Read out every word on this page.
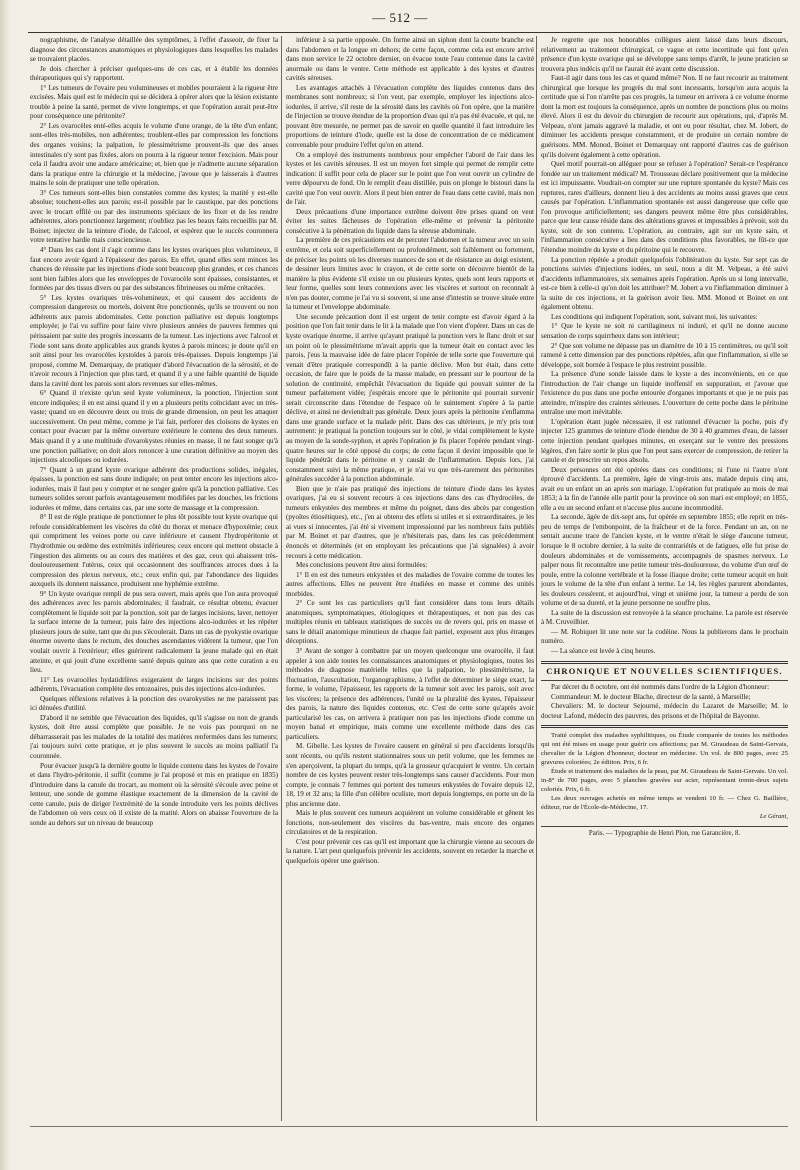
— 512 —

nographisme, de l'analyse détaillée des symptômes, à l'effet d'asseoir, de fixer la diagnose des circonstances anatomiques et physiologiques dans lesquelles les malades se trouvaient placées.

Je dois chercher à préciser quelques-uns de ces cas, et à établir les données thérapeutiques qui s'y rapportent.

1° Les tumeurs de l'ovaire peu volumineuses et mobiles pourraient à la rigueur être excisées. Mais quel est le médecin qui se décidera à opérer alors que la lésion existante trouble à peine la santé, permet de vivre longtemps, et que l'opération aurait peut-être pour conséquence une péritonite?

2° Les ovarocèles enté-elles acquis le volume d'une orange, de la tête d'un enfant; sont-elles très-mobiles, non adhérentes; troublent-elles par compression les fonctions des organes voisins; la palpation, le plessimétrisme prouvent-ils que des anses intestinales n'y sont pas fixées, alors on pourra à la rigueur tenter l'excision. Mais pour cela il faudra avoir une audace américaine; et, bien que je n'admette aucune séparation dans la pratique entre la chirurgie et la médecine, j'avoue que je laisserais à d'autres mains le soin de pratiquer une telle opération.

3° Ces tumeurs sont-elles bien constatées comme des kystes; la matité y est-elle absolue; touchent-elles aux parois; est-il possible par le caustique, par des ponctions avec le trocart effilé ou par des instruments spéciaux de les fixer et de les rendre adhérentes, alors ponctionnez largement; n'oubliez pas les beaux faits recueillis par M. Boinet; injectez de la teinture d'iode, de l'alcool, et espérez que le succès couronnera votre tentative hardie mais consciencieuse.

4° Dans les cas dont il s'agit comme dans les kystes ovariques plus volumineux, il faut encore avoir égard à l'épaisseur des parois. En effet, quand elles sont minces les chances de réussite par les injections d'iode sont beaucoup plus grandes, et ces chances sont bien faibles alors que les enveloppes de l'ovarocèle sont épaisses, consistantes, et formées par des tissus divers ou par des substances fibrineuses ou même crétacées.

5° Les kystes ovariques très-volumineux, et qui causent des accidents de compression dangereux ou mortels, doivent être ponctionnés, qu'ils se trouvent ou non adhérents aux parois abdominales. Cette ponction palliative est depuis longtemps employée; je l'ai vu suffire pour faire vivre plusieurs années de pauvres femmes qui périssaient par suite des progrès incessants de la tumeur. Les injections avec l'alcool et l'iode sont sans doute applicables aux grands kystes à parois minces; je doute qu'il en soit ainsi pour les ovarocèles kystoïdes à parois très-épaisses. Depuis longtemps j'ai proposé, comme M. Demarquay, de pratiquer d'abord l'évacuation de la sérosité, et de n'avoir recours à l'injection que plus tard, et quand il y a une faible quantité de liquide dans la cavité dont les parois sont alors revenues sur elles-mêmes.

6° Quand il n'existe qu'un seul kyste volumineux, la ponction, l'injection sont encore indiquées; il en est ainsi quand il y en a plusieurs petits coïncidant avec un très-vaste; quand on en découvre deux ou trois de grande dimension, on peut les attaquer successivement. On peut même, comme je l'ai fait, perforer des cloisons de kystes en contact pour évacuer par la même ouverture extérieure le contenu des deux tumeurs. Mais quand il y a une multitude d'ovarokystes réunies en masse, il ne faut songer qu'à une ponction palliative; on doit alors renoncer à une curation définitive au moyen des injections alcooliques ou iodurées.

7° Quant à un grand kyste ovarique adhérent des productions solides, inégales, épaisses, la ponction est sans doute indiquée; on peut tenter encore les injections alco-iodurées, mais il faut peu y compter et ne songer guère qu'à la ponction palliative. Ces tumeurs solides seront parfois avantageusement modifiées par les douches, les frictions iodurées et même, dans certains cas, par une sorte de massage et la compression.

8° Il est de règle pratique de ponctionner le plus tôt possible tout kyste ovarique qui refoule considérablement les viscères du côté du thorax et menace d'hypoxémie; ceux qui compriment les veines porte ou cave inférieure et causent l'hydropéritonie et l'hydrothmie ou œdème des extrémités inférieures; ceux encore qui mettent obstacle à l'ingestion des aliments ou au cours des matières et des gaz, ceux qui abaissent très-douloureusement l'utérus, ceux qui occasionnent des souffrances atroces dues à la compression des plexus nerveux, etc.; ceux enfin qui, par l'abondance des liquides auxquels ils donnent naissance, produisent une hyphémie extrême.

9° Un kyste ovarique rempli de pus sera ouvert, mais après que l'on aura provoqué des adhérences avec les parois abdominales; il faudrait, ce résultat obtenu, évacuer complètement le liquide soit par la ponction, soit par de larges incisions, laver, nettoyer la surface interne de la tumeur, puis faire des injections alco-iodurées et les répéter plusieurs jours de suite, tant que du pus s'écoulerait. Dans un cas de pyokystie ovarique énorme ouverte dans le rectum, des douches ascendantes vidèrent la tumeur, que l'on voulait ouvrir à l'extérieur; elles guérirent radicalement la jeune malade qui en était atteinte, et qui jouit d'une excellente santé depuis quinze ans que cette curation a eu lieu.

11° Les ovarocèles hydatidifères exigeraient de larges incisions sur des points adhérents, l'évacuation complète des entozoaires, puis des injections alco-iodurées.

Quelques réflexions relatives à la ponction des ovarokysties ne me paraissent pas ici dénuées d'utilité.

D'abord il ne semble que l'évacuation des liquides, qu'il s'agisse ou non de grands kystes, doit être aussi complète que possible. Je ne vois pas pourquoi on ne débarrasserait pas les malades de la totalité des matières renfermées dans les tumeurs; j'ai toujours suivi cette pratique, et je plus souvent le succès au moins palliatif l'a couronnée.

Pour évacuer jusqu'à la dernière goutte le liquide contenu dans les kystes de l'ovaire et dans l'hydro-péritonie, il suffit (comme je l'ai proposé et mis en pratique en 1835) d'introduire dans la canule du trocart, au moment où la sérosité s'écoule avec peine et lenteur, une sonde de gomme élastique exactement de la dimension de la cavité de cette canule, puis de diriger l'extrémité de la sonde introduite vers les points déclives de l'abdomen où vers ceux où il existe de la matité. Alors on abaisse l'ouverture de la sonde au dehors sur un niveau de beaucoup

inférieur à sa partie opposée. On forme ainsi un siphon dont la courte branche est dans l'abdomen et la longue en dehors; de cette façon, comme cela est encore arrivé dans mon service le 22 octobre dernier, on évacue toute l'eau contenue dans la cavité anormale ou dans le ventre. Cette méthode est applicable à des kystes et d'autres cavités séreuses.

Les avantages attachés à l'évacuation complète des liquides contenus dans des membranes sont nombreux; si l'on veut, par exemple, employer les injections alco-iodurées, il arrive, s'il reste de la sérosité dans les cavités où l'on opère, que la matière de l'injection se trouve étendue de la proportion d'eau qui n'a pas été évacuée, et qui, ne pouvant être mesurée, ne permet pas de savoir en quelle quantité il faut introduire les proportions de teinture d'iode, quelle est la dose de concentration de ce médicament convenable pour produire l'effet qu'on en attend.

On a employé des instruments nombreux pour empêcher l'abord de l'air dans les kystes et les cavités séreuses. Il est un moyen fort simple qui permet de remplir cette indication: il suffit pour cela de placer sur le point que l'on veut ouvrir un cylindre de verre dépourvu de fond. On le remplit d'eau distillée, puis on plonge le bistouri dans la cavité que l'on veut ouvrir. Alors il peut bien entrer de l'eau dans cette cavité, mais non de l'air.

Deux précautions d'une importance extrême doivent être prises quand on veut éviter les suites fâcheuses de l'opération elle-même et prévenir la péritonite consécutive à la pénétration du liquide dans la séreuse abdominale.

La première de ces précautions est de percuter l'abdomen et la tumeur avec un soin extrême, et cela soit superficiellement ou profondément, soit faiblement ou fortement, de préciser les points où les diverses nuances de son et de résistance au doigt existent, de dessiner leurs limites avec le crayon, et de cette sorte on découvre bientôt de la manière la plus évidente s'il existe un ou plusieurs kystes, quels sont leurs rapports et leur forme, quelles sont leurs connexions avec les viscères et surtout on reconnaît à n'en pas douter, comme je l'ai vu si souvent, si une anse d'intestin se trouve située entre la tumeur et l'enveloppe abdominale.

Une seconde précaution dont il est urgent de tenir compte est d'avoir égard à la position que l'on fait tenir dans le lit à la malade que l'on vient d'opérer. Dans un cas de kyste ovarique énorme, il arrive qu'ayant pratiqué la ponction vers le flanc droit et sur un point où le plessimétrisme m'avait appris que la tumeur était en contact avec les parois, j'eus la mauvaise idée de faire placer l'opérée de telle sorte que l'ouverture qui venait d'être pratiquée correspondît à la partie déclive. Mon but était, dans cette occasion, de faire que le poids de la masse malade, en pressant sur le pourtour de la solution de continuité, empêchât l'évacuation du liquide qui pouvait suinter de la tumeur parfaitement vidée; j'espérais encore que le péritonite qui pourrait survenir serait circonscrite dans l'étendue de l'espace où le suintement s'opère à la partie déclive, et ainsi ne deviendrait pas générale. Deux jours après la péritonite s'enflamma dans une grande surface et la malade périt. Dans des cas ultérieurs, je m'y pris tout autrement: je pratiquai la ponction toujours sur le côté, je vidai complètement le kyste au moyen de la sonde-syphon, et après l'opération je fis placer l'opérée pendant vingt-quatre heures sur le côté opposé du corps; de cette façon il devint impossible que le liquide pénétrât dans le péritoine et y causât de l'inflammation. Depuis lors, j'ai constamment suivi la même pratique, et je n'ai vu que très-rarement des péritonites générales succéder à la ponction abdominale.

Bien que je n'aie pas pratiqué des injections de teinture d'iode dans les kystes ovariques, j'ai eu si souvent recours à ces injections dans des cas d'hydrocèles, de tumeurs enkystées des membres et même du poignet, dans des abcès par congestion (pyoïtes étiosétiques), etc., j'en ai obtenu des effets si utiles et si extraordinaires, je les ai vues si innocentes, j'ai été si vivement impressionné par les nombreux faits publiés par M. Boinet et par d'autres, que je n'hésiterais pas, dans les cas précédemment énoncés et déterminés (et en employant les précautions que j'ai signalées) à avoir recours à cette médication.

Mes conclusions peuvent être ainsi formulées:

1° Il en est des tumeurs enkystées et des maladies de l'ovaire comme de toutes les autres affections. Elles ne peuvent être étudiées en masse et comme des unités morbides.

2° Ce sont les cas particuliers qu'il faut considérer dans tous leurs détails anatomiques, symptomatiques, étiologiques et thérapeutiques, et non pas des cas multiples réunis en tableaux statistiques de succès ou de revers qui, pris en masse et sans le détail anatomique minutieux de chaque fait partiel, exposent aux plus étranges déceptions.

3° Avant de songer à combattre par un moyen quelconque une ovarocèle, il faut appeler à son aide toutes les connaissances anatomiques et physiologiques, toutes les méthodes de diagnose matérielle telles que la palpation, le plessimétrisme, la fluctuation, l'auscultation, l'organographisme, à l'effet de déterminer le siège exact, la forme, le volume, l'épaisseur, les rapports de la tumeur soit avec les parois, soit avec les viscères; la présence des adhérences, l'unité ou la pluralité des kystes, l'épaisseur des parois, la nature des liquides contenus, etc. C'est de cette sorte qu'après avoir particularisé les cas, on arrivera à pratiquer non pas les injections d'iode comme un moyen banal et empirique, mais comme une excellente méthode dans des cas particuliers.

M. Gibelle. Les kystes de l'ovaire causent en général si peu d'accidents lorsqu'ils sont récents, ou qu'ils restent stationnaires sous un petit volume, que les femmes ne s'en aperçoivent, la plupart du temps, qu'à la grosseur qu'acquiert le ventre. Un certain nombre de ces kystes peuvent rester très-longtemps sans causer d'accidents. Pour mon compte, je connais 7 femmes qui portent des tumeurs enkystées de l'ovaire depuis 12, 18, 19 et 32 ans; la fille d'un célèbre oculiste, mort depuis longtemps, en porte un de la plus ancienne date.

Mais le plus souvent ces tumeurs acquièrent un volume considérable et gênent les fonctions, non-seulement des viscères du bas-ventre, mais encore des organes circulatoires et de la respiration.

C'est pour prévenir ces cas qu'il est important que la chirurgie vienne au secours de la nature. L'art peut quelquefois prévenir les accidents, souvent en retarder la marche et quelquefois opérer une guérison.

Je regrette que nos honorables collègues aient laissé dans leurs discours, relativement au traitement chirurgical, ce vague et cette incertitude qui font qu'en présence d'un kyste ovarique qui se développe sans temps d'arrêt, le jeune praticien se trouvera plus indécis qu'il ne l'aurait été avant cette discussion.

Faut-il agir dans tous les cas et quand même? Non. Il ne faut recourir au traitement chirurgical que lorsque les progrès du mal sont incessants, lorsqu'on aura acquis la certitude que si l'on n'arrête pas ces progrès, la tumeur en arrivera à ce volume énorme dont la mort est toujours la conséquence, après un nombre de ponctions plus ou moins élevé. Alors il est du devoir du chirurgien de recourir aux opérations, qui, d'après M. Velpeau, n'ont jamais aggravé la maladie, et ont eu pour résultat, chez M. Jobert, de diminuer les accidents presque constamment, et de produire un certain nombre de guérisons. MM. Monod, Boinet et Demarquay ont rapporté d'autres cas de guérison qu'ils doivent également à cette opération.

Quel motif pourrait-on alléguer pour se refuser à l'opération? Serait-ce l'espérance fondée sur un traitement médical? M. Trousseau déclare positivement que la médecine est ici impuissante. Voudrait-on compter sur une rupture spontanée du kyste? Mais ces ruptures, rares d'ailleurs, donnent lieu à des accidents au moins aussi graves que ceux causés par l'opération. L'inflammation spontanée est aussi dangereuse que celle que l'on provoque artificiellement; ses dangers peuvent même être plus considérables, parce que leur cause réside dans des altérations graves et impossibles à prévoir, soit du kyste, soit de son contenu. L'opération, au contraire, agit sur un kyste sain, et l'inflammation consécutive a lieu dans des conditions plus favorables, ne fût-ce que l'étendue moindre du kyste et du péritoine qui le recouvre.

La ponction répétée a produit quelquefois l'oblitération du kyste. Sur sept cas de ponctions suivies d'injections iodées, un seul, nous a dit M. Velpeau, a été suivi d'accidents inflammatoires, six semaines après l'opération. Après un si long intervalle, est-ce bien à celle-ci qu'on doit les attribuer? M. Jobert a vu l'inflammation diminuer à la suite de ces injections, et la guérison avoir lieu. MM. Monod et Boinet en ont également obtenu.

Les conditions qui indiquent l'opération, sont, suivant moi, les suivantes:

1° Que le kyste ne soit ni cartilagineux ni induré, et qu'il ne donne aucune sensation de corps squirrheux dans son intérieur;

2° Que son volume ne dépasse pas un diamètre de 10 à 15 centimètres, ou qu'il soit ramené à cette dimension par des ponctions répétées, afin que l'inflammation, si elle se développe, soit bornée à l'espace le plus restreint possible.

La présence d'une sonde laissée dans le kyste a des inconvénients, en ce que l'introduction de l'air change un liquide inoffensif en suppuration, et j'avoue que l'existence du pus dans une poche entourée d'organes importants et que je ne puis pas atteindre, m'inspire des craintes sérieuses. L'ouverture de cette poche dans le péritoine entraîne une mort inévitable.

L'opération étant jugée nécessaire, il est rationnel d'évacuer la poche, puis d'y injecter 125 grammes de teinture d'iode étendue de 30 à 40 grammes d'eau, de laisser cette injection pendant quelques minutes, en exerçant sur le ventre des pressions légères, d'en faire sortir le plus que l'on peut sans exercer de compression, de retirer la canule et de prescrire un repos absolu.

Deux personnes ont été opérées dans ces conditions; ni l'une ni l'autre n'ont éprouvé d'accidents. La première, âgée de vingt-trois ans, malade depuis cinq ans, avait eu un enfant un an après son mariage. L'opération fut pratiquée au mois de mai 1853; à la fin de l'année elle partit pour la province où son mari est employé; en 1855, elle a eu un second enfant et n'accuse plus aucune incommodité.

La seconde, âgée de dix-sept ans, fut opérée en septembre 1855; elle reprit en très-peu de temps de l'embonpoint, de la fraîcheur et de la force. Pendant un an, on ne sentait aucune trace de l'ancien kyste, et le ventre n'était le siège d'aucune tumeur, lorsque le 8 octobre dernier, à la suite de contrariétés et de fatigues, elle fut prise de douleurs abdominales et de vomissements, accompagnés de spasmes nerveux. Le palper nous fit reconnaître une petite tumeur très-douloureuse, du volume d'un œuf de poule, entre la colonne vertébrale et la fosse iliaque droite; cette tumeur acquit en huit jours le volume de la tête d'un enfant à terme. Le 14, les règles parurent abondantes, les douleurs cessèrent, et aujourd'hui, vingt et unième jour, la tumeur a perdu de son volume et de sa dureté, et la jeune personne ne souffre plus.

La suite de la discussion est renvoyée à la séance prochaine. La parole est réservée à M. Cruveilhier.

— M. Robiquet lit une note sur la codéine. Nous la publierons dans le prochain numéro.

— La séance est levée à cinq heures.

CHRONIQUE ET NOUVELLES SCIENTIFIQUES.

Par décret du 8 octobre, ont été nommés dans l'ordre de la Légion d'honneur:

Commandeur: M. le docteur Blache, directeur de la santé, à Marseille;

Chevaliers: M. le docteur Sejourné, médecin du Lazaret de Marseille; M. le docteur Lafond, médecin des pauvres, des prisons et de l'hôpital de Bayonne.

Traité complet des maladies syphilitiques, ou Étude comparée de toutes les méthodes qui ont été mises en usage pour guérir ces affections; par M. Giraudeau de Saint-Gervais, chevalier de la Légion d'honneur, docteur en médecine. Un vol. de 800 pages, avec 25 gravures coloriées; 2e édition. Prix, 6 fr.

Étude et traitement des maladies de la peau, par M. Giraudeau de Saint-Gervais. Un vol. in-8° de 700 pages, avec 5 planches gravées sur acier, représentant trente-deux sujets coloriés. Prix, 6 fr.

Les deux ouvrages achetés en même temps se vendent 10 fr. — Chez G. Baillière, éditeur, rue de l'École-de-Médecine, 17.

Le Gérant,

Paris. — Typographie de Henri Plon, rue Garancière, 8.
